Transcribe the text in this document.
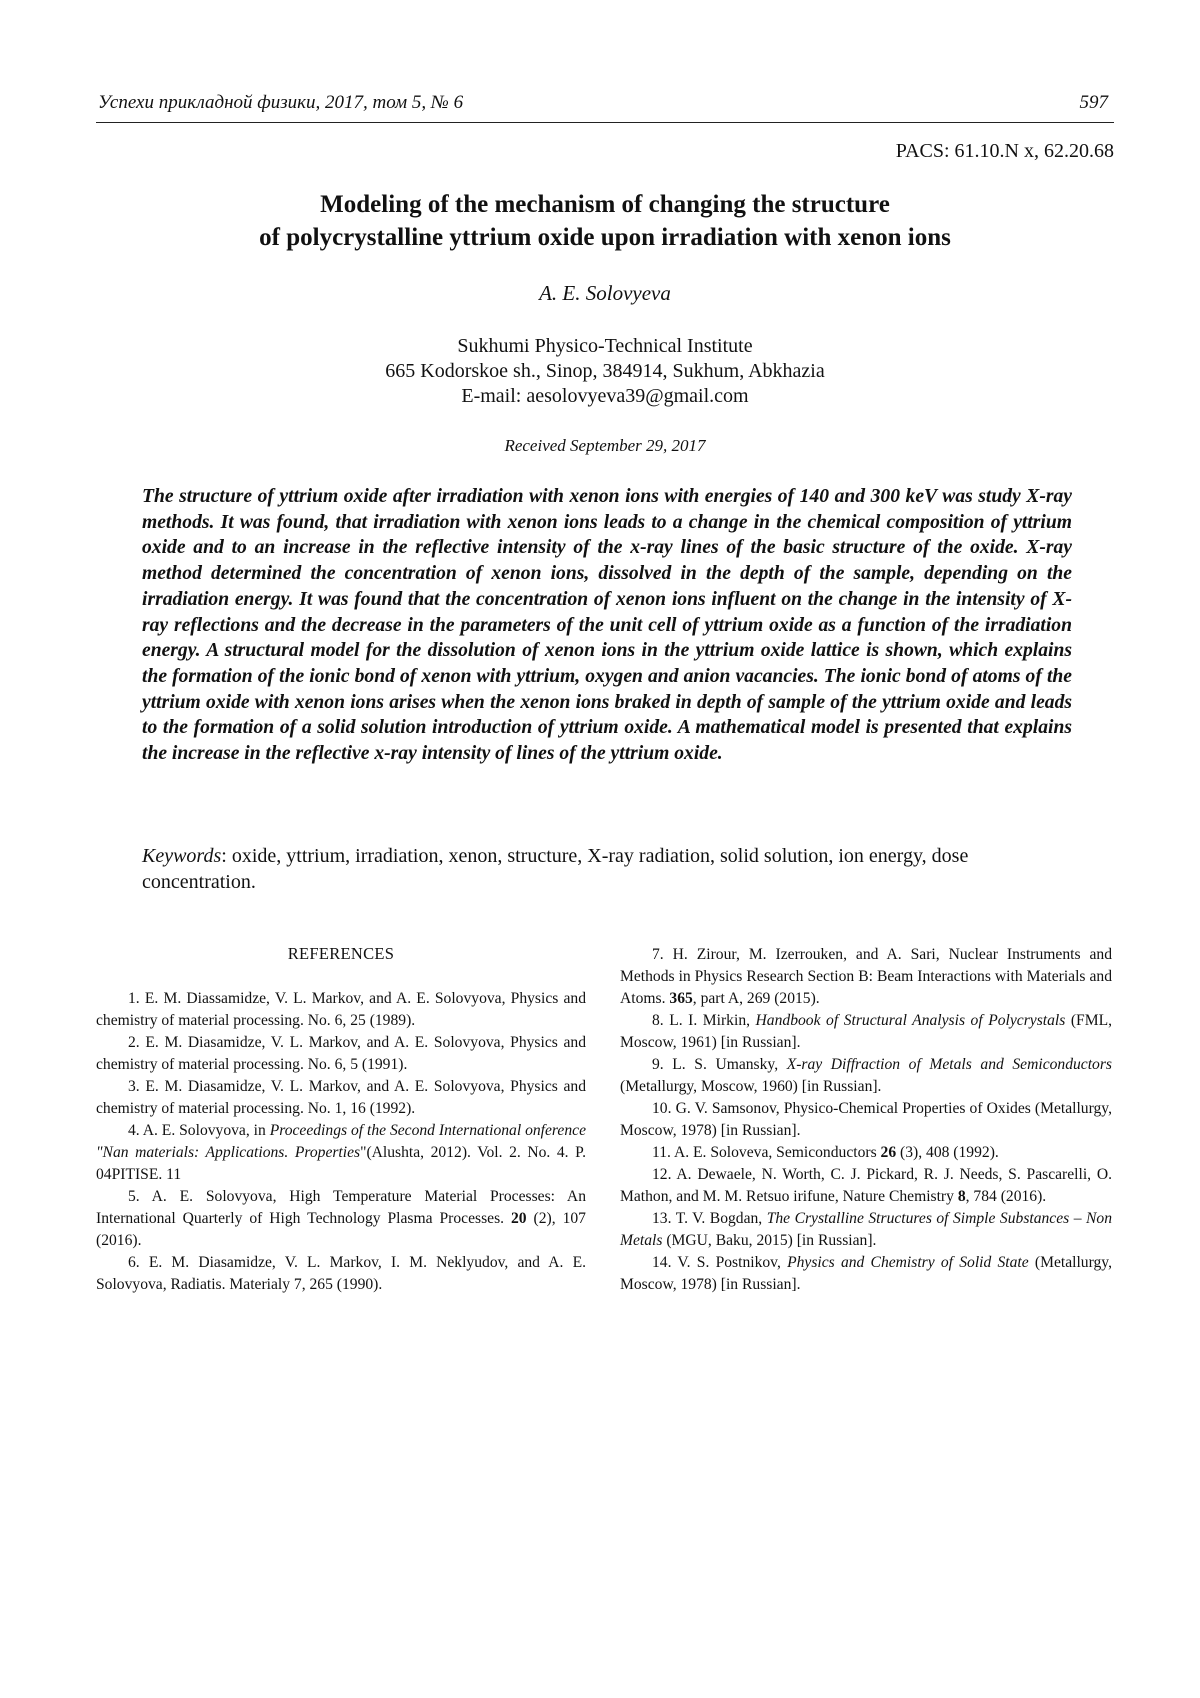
Успехи прикладной физики, 2017, том 5, № 6	597
PACS: 61.10.N x, 62.20.68
Modeling of the mechanism of changing the structure
of polycrystalline yttrium oxide upon irradiation with xenon ions
A. E. Solovyeva
Sukhumi Physico-Technical Institute
665 Kodorskoe sh., Sinop, 384914, Sukhum, Abkhazia
E-mail: aesolovyeva39@gmail.com
Received September 29, 2017
The structure of yttrium oxide after irradiation with xenon ions with energies of 140 and 300 keV was study X-ray methods. It was found, that irradiation with xenon ions leads to a change in the chemical composition of yttrium oxide and to an increase in the reflective intensity of the x-ray lines of the basic structure of the oxide. X-ray method determined the concentration of xenon ions, dissolved in the depth of the sample, depending on the irradiation energy. It was found that the concentration of xenon ions influent on the change in the intensity of X-ray reflections and the decrease in the parameters of the unit cell of yttrium oxide as a function of the irradiation energy. A structural model for the dissolution of xenon ions in the yttrium oxide lattice is shown, which explains the formation of the ionic bond of xenon with yttrium, oxygen and anion vacancies. The ionic bond of atoms of the yttrium oxide with xenon ions arises when the xenon ions braked in depth of sample of the yttrium oxide and leads to the formation of a solid solution introduction of yttrium oxide. A mathematical model is presented that explains the increase in the reflective x-ray intensity of lines of the yttrium oxide.
Keywords: oxide, yttrium, irradiation, xenon, structure, X-ray radiation, solid solution, ion energy, dose concentration.
REFERENCES

1. E. M. Diassamidze, V. L. Markov, and A. E. Solovyova, Physics and chemistry of material processing. No. 6, 25 (1989).

2. E. M. Diasamidze, V. L. Markov, and A. E. Solovyova, Physics and chemistry of material processing. No. 6, 5 (1991).

3. E. M. Diasamidze, V. L. Markov, and A. E. Solovyova, Physics and chemistry of material processing. No. 1, 16 (1992).

4. A. E. Solovyova, in Proceedings of the Second International onference "Nan materials: Applications. Properties"(Alushta, 2012). Vol. 2. No. 4. P. 04PITISE. 11

5. A. E. Solovyova, High Temperature Material Processes: An International Quarterly of High Technology Plasma Processes. 20 (2), 107 (2016).

6. E. M. Diasamidze, V. L. Markov, I. M. Neklyudov, and A. E. Solovyova, Radiatis. Materialy 7, 265 (1990).

7. H. Zirour, M. Izerrouken, and A. Sari, Nuclear Instruments and Methods in Physics Research Section B: Beam Interactions with Materials and Atoms. 365, part A, 269 (2015).

8. L. I. Mirkin, Handbook of Structural Analysis of Polycrystals (FML, Moscow, 1961) [in Russian].

9. L. S. Umansky, X-ray Diffraction of Metals and Semiconductors (Metallurgy, Moscow, 1960) [in Russian].

10. G. V. Samsonov, Physico-Chemical Properties of Oxides (Metallurgy, Moscow, 1978) [in Russian].

11. A. E. Soloveva, Semiconductors 26 (3), 408 (1992).

12. A. Dewaele, N. Worth, C. J. Pickard, R. J. Needs, S. Pascarelli, O. Mathon, and M. M. Retsuo irifune, Nature Chemistry 8, 784 (2016).

13. T. V. Bogdan, The Crystalline Structures of Simple Substances – Non Metals (MGU, Baku, 2015) [in Russian].

14. V. S. Postnikov, Physics and Chemistry of Solid State (Metallurgy, Moscow, 1978) [in Russian].
